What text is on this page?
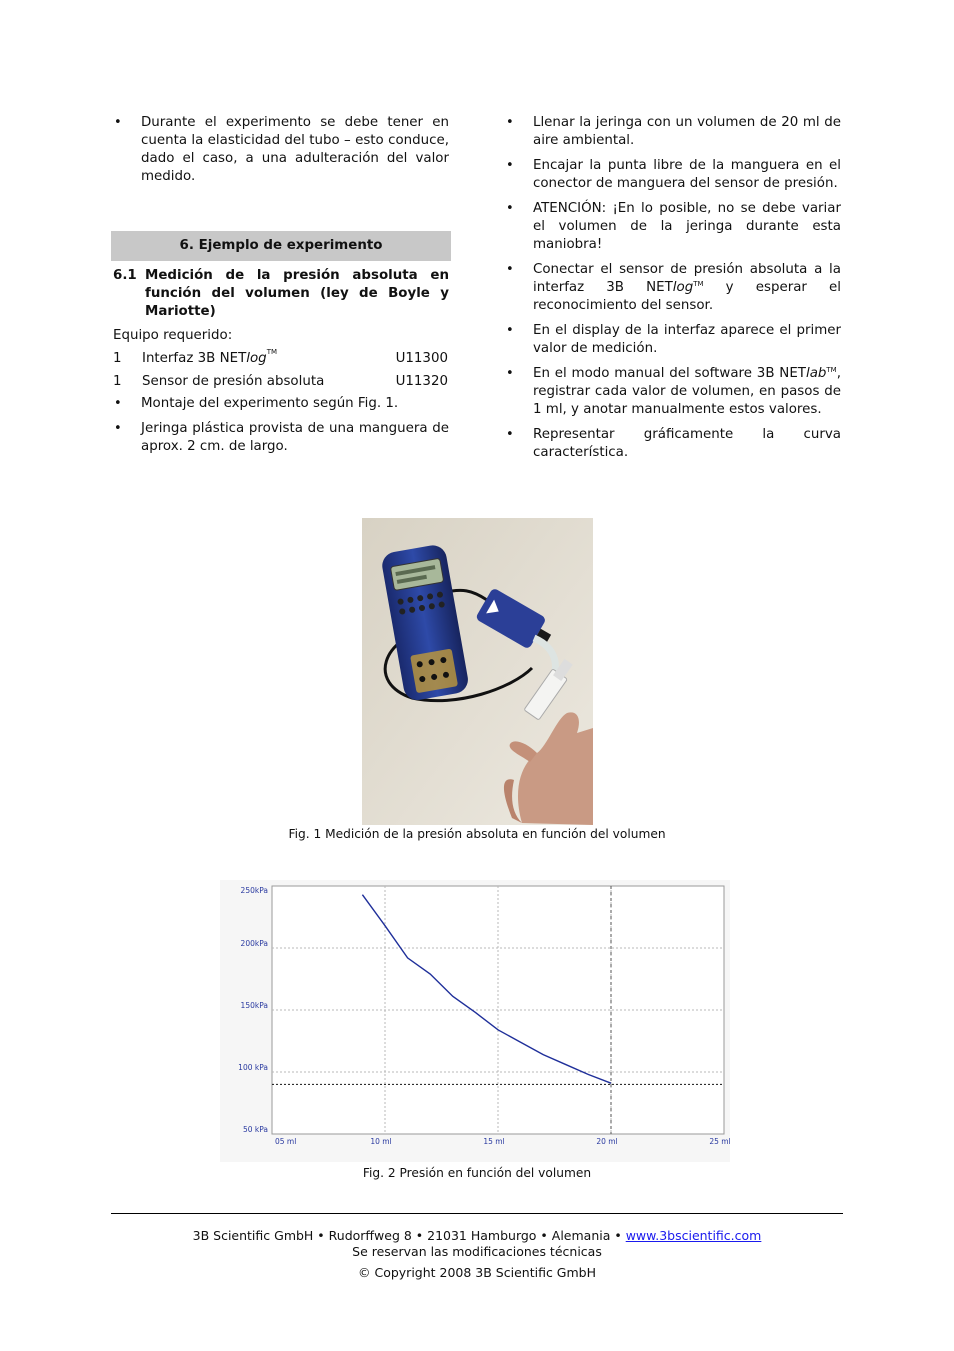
• Durante el experimento se debe tener en cuenta la elasticidad del tubo – esto conduce, dado el caso, a una adulteración del valor medido.
6. Ejemplo de experimento
6.1 Medición de la presión absoluta en función del volumen (ley de Boyle y Mariotte)
Equipo requerido:
1 Interfaz 3B NETlog™	U11300
1 Sensor de presión absoluta	U11320
• Montaje del experimento según Fig. 1.
• Jeringa plástica provista de una manguera de aprox. 2 cm. de largo.
• Llenar la jeringa con un volumen de 20 ml de aire ambiental.
• Encajar la punta libre de la manguera en el conector de manguera del sensor de presión.
• ATENCIÓN: ¡En lo posible, no se debe variar el volumen de la jeringa durante esta maniobra!
• Conectar el sensor de presión absoluta a la interfaz 3B NETlog™ y esperar el reconocimiento del sensor.
• En el display de la interfaz aparece el primer valor de medición.
• En el modo manual del software 3B NETlab™, registrar cada valor de volumen, en pasos de 1 ml, y anotar manualmente estos valores.
• Representar gráficamente la curva característica.
Fig. 1 Medición de la presión absoluta en función del volumen
05 ml	10 ml	15 ml	20 ml	25 ml
250kPa
200kPa
150kPa
100 kPa
50 kPa
Fig. 2 Presión en función del volumen
3B Scientific GmbH • Rudorffweg 8 • 21031 Hamburgo • Alemania • www.3bscientific.com
Se reservan las modificaciones técnicas
© Copyright 2008 3B Scientific GmbH
